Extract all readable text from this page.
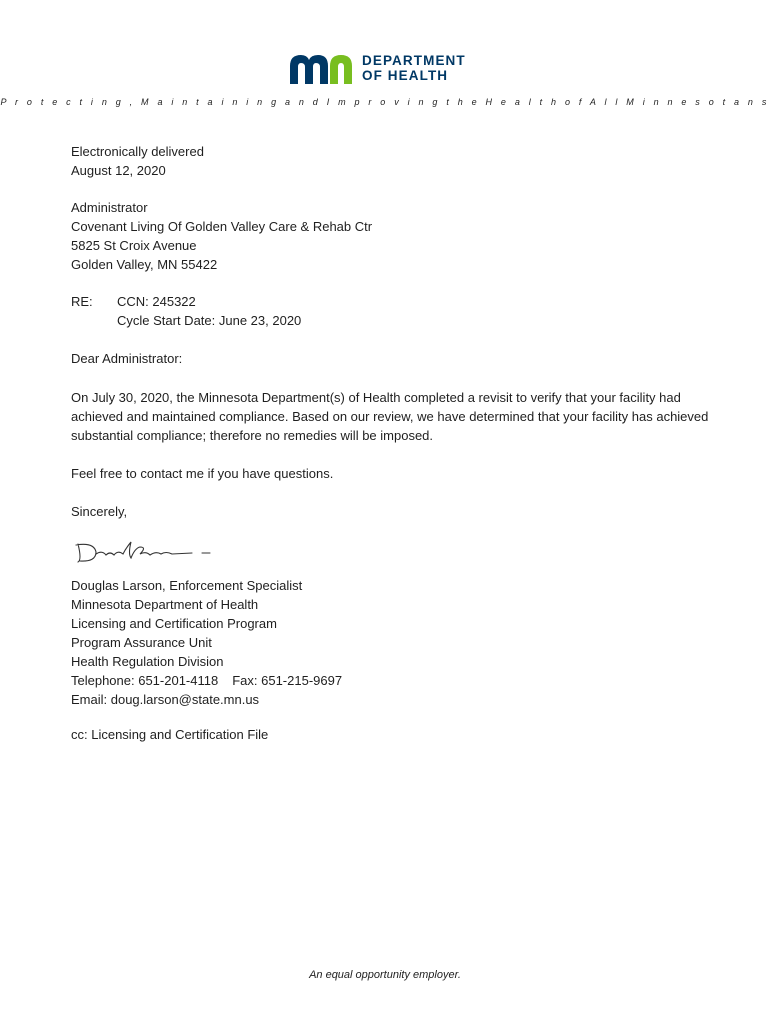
DEPARTMENT
OF HEALTH
P r o t e c t i n g , M a i n t a i n i n g a n d I m p r o v i n g t h e H e a l t h o f A l l M i n n e s o t a n s
Electronically delivered
August 12, 2020
Administrator
Covenant Living Of Golden Valley Care & Rehab Ctr
5825 St Croix Avenue
Golden Valley, MN 55422
RE: CCN: 245322
Cycle Start Date: June 23, 2020
Dear Administrator:
On July 30, 2020, the Minnesota Department(s) of Health completed a revisit to verify that your facility had achieved and maintained compliance. Based on our review, we have determined that your facility has achieved substantial compliance; therefore no remedies will be imposed.
Feel free to contact me if you have questions.
Sincerely,
Douglas Larson, Enforcement Specialist
Minnesota Department of Health
Licensing and Certification Program
Program Assurance Unit
Health Regulation Division
Telephone: 651-201-4118 Fax: 651-215-9697
Email: doug.larson@state.mn.us
cc: Licensing and Certification File
An equal opportunity employer.
